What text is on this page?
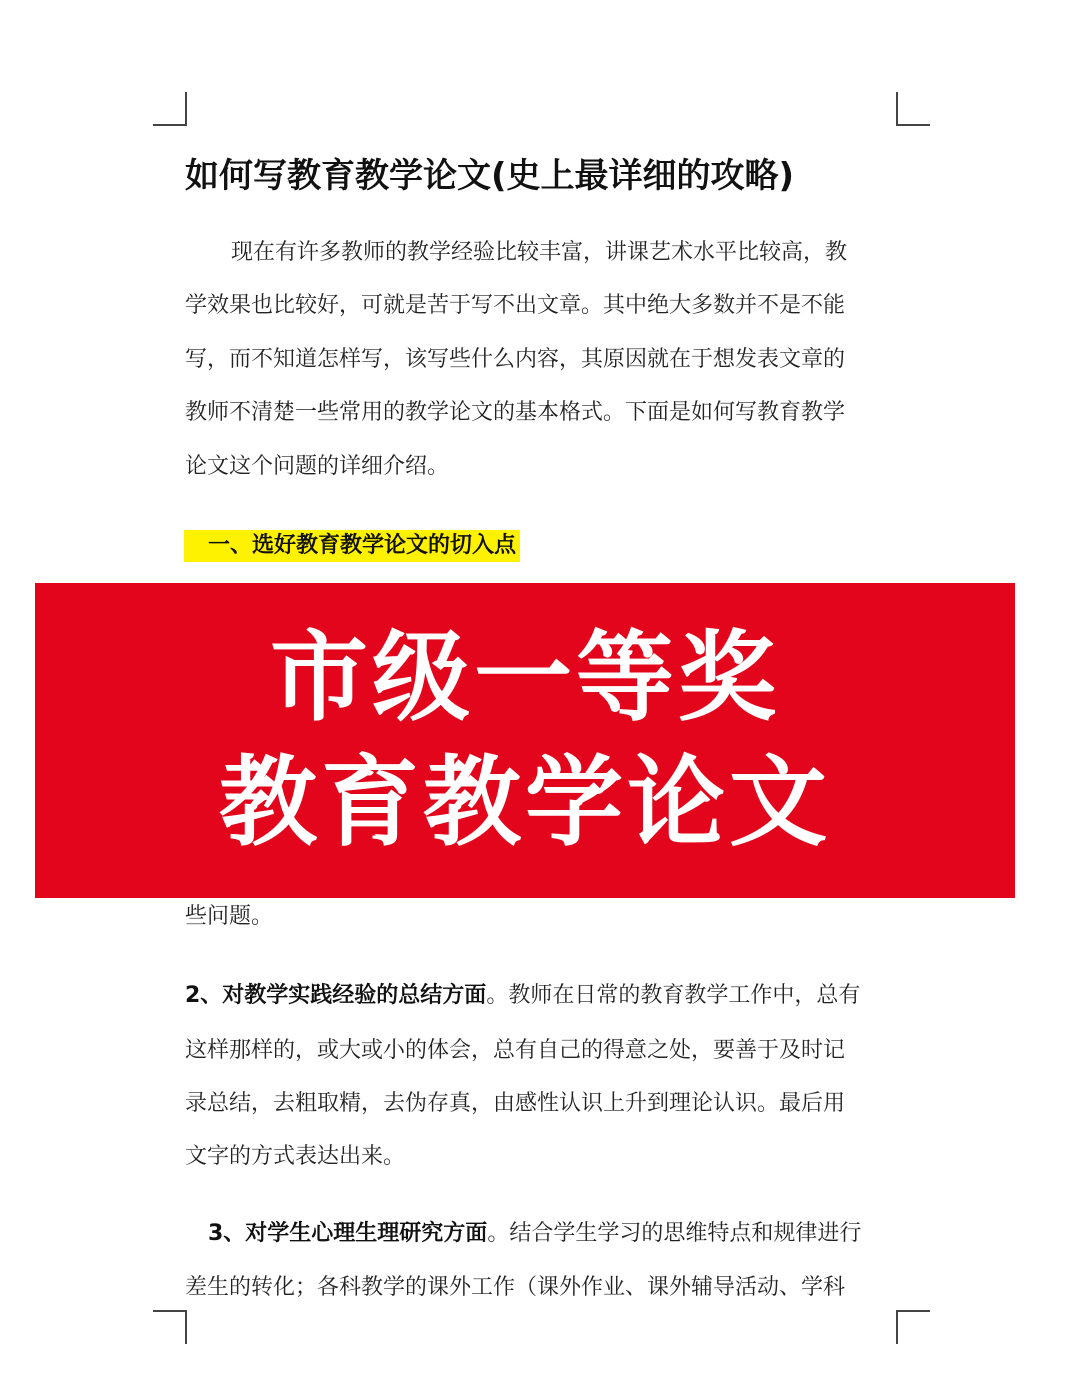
如何写教育教学论文(史上最详细的攻略)
现在有许多教师的教学经验比较丰富，讲课艺术水平比较高，教
学效果也比较好，可就是苦于写不出文章。其中绝大多数并不是不能
写，而不知道怎样写，该写些什么内容，其原因就在于想发表文章的
教师不清楚一些常用的教学论文的基本格式。下面是如何写教育教学
论文这个问题的详细介绍。
一、选好教育教学论文的切入点
市级一等奖
教育教学论文
些问题。
2、对教学实践经验的总结方面。教师在日常的教育教学工作中，总有
这样那样的，或大或小的体会，总有自己的得意之处，要善于及时记
录总结，去粗取精，去伪存真，由感性认识上升到理论认识。最后用
文字的方式表达出来。
3、对学生心理生理研究方面。结合学生学习的思维特点和规律进行
差生的转化；各科教学的课外工作（课外作业、课外辅导活动、学科
